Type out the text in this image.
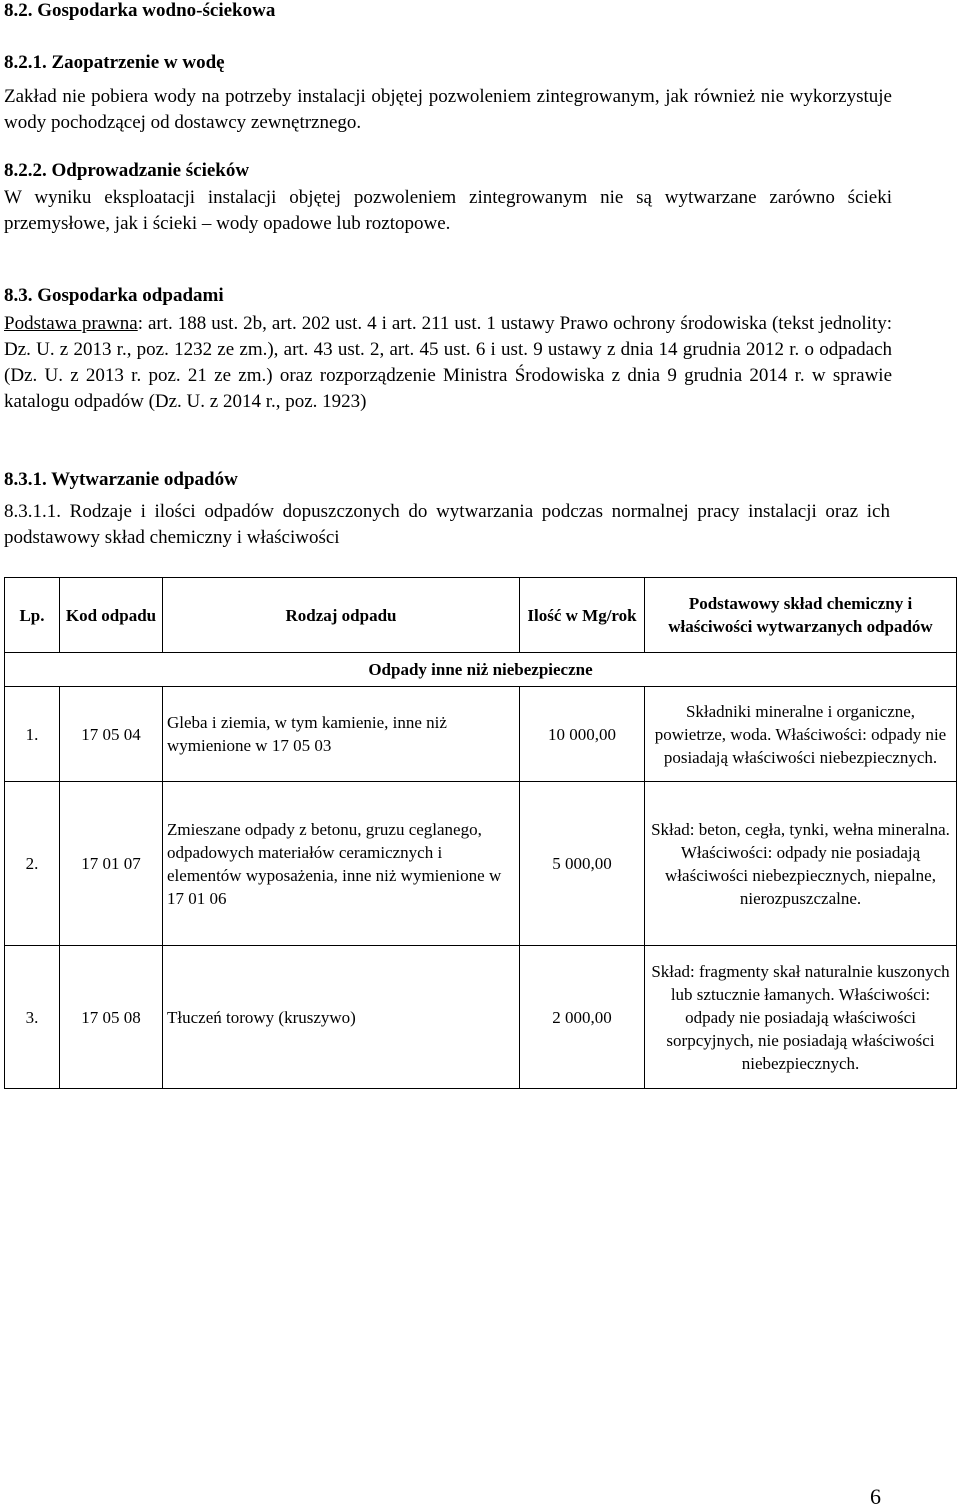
8.2. Gospodarka wodno-ściekowa
8.2.1. Zaopatrzenie w wodę
Zakład nie pobiera wody na potrzeby instalacji objętej pozwoleniem zintegrowanym, jak również nie wykorzystuje wody pochodzącej od dostawcy zewnętrznego.
8.2.2. Odprowadzanie ścieków
W wyniku eksploatacji instalacji objętej pozwoleniem zintegrowanym nie są wytwarzane zarówno ścieki przemysłowe, jak i ścieki – wody opadowe lub roztopowe.
8.3. Gospodarka odpadami
Podstawa prawna: art. 188 ust. 2b, art. 202 ust. 4 i art. 211 ust. 1 ustawy Prawo ochrony środowiska (tekst jednolity: Dz. U. z 2013 r., poz. 1232 ze zm.), art. 43 ust. 2, art. 45 ust. 6 i ust. 9 ustawy z dnia 14 grudnia 2012 r. o odpadach (Dz. U. z 2013 r. poz. 21 ze zm.) oraz rozporządzenie Ministra Środowiska z dnia 9 grudnia 2014 r. w sprawie katalogu odpadów (Dz. U. z 2014 r., poz. 1923)
8.3.1. Wytwarzanie odpadów
8.3.1.1. Rodzaje i ilości odpadów dopuszczonych do wytwarzania podczas normalnej pracy instalacji oraz ich podstawowy skład chemiczny i właściwości
Lp.	Kod odpadu	Rodzaj odpadu	Ilość w Mg/rok	Podstawowy skład chemiczny i właściwości wytwarzanych odpadów
Odpady inne niż niebezpieczne				
1.	17 05 04	Gleba i ziemia, w tym kamienie, inne niż wymienione w 17 05 03	10 000,00	Składniki mineralne i organiczne, powietrze, woda. Właściwości: odpady nie posiadają właściwości niebezpiecznych.
2.	17 01 07	Zmieszane odpady z betonu, gruzu ceglanego, odpadowych materiałów ceramicznych i elementów wyposażenia, inne niż wymienione w 17 01 06	5 000,00	Skład: beton, cegła, tynki, wełna mineralna. Właściwości: odpady nie posiadają właściwości niebezpiecznych, niepalne, nierozpuszczalne.
3.	17 05 08	Tłuczeń torowy (kruszywo)	2 000,00	Skład: fragmenty skał naturalnie kuszonych lub sztucznie łamanych. Właściwości: odpady nie posiadają właściwości sorpcyjnych, nie posiadają właściwości niebezpiecznych.
6
